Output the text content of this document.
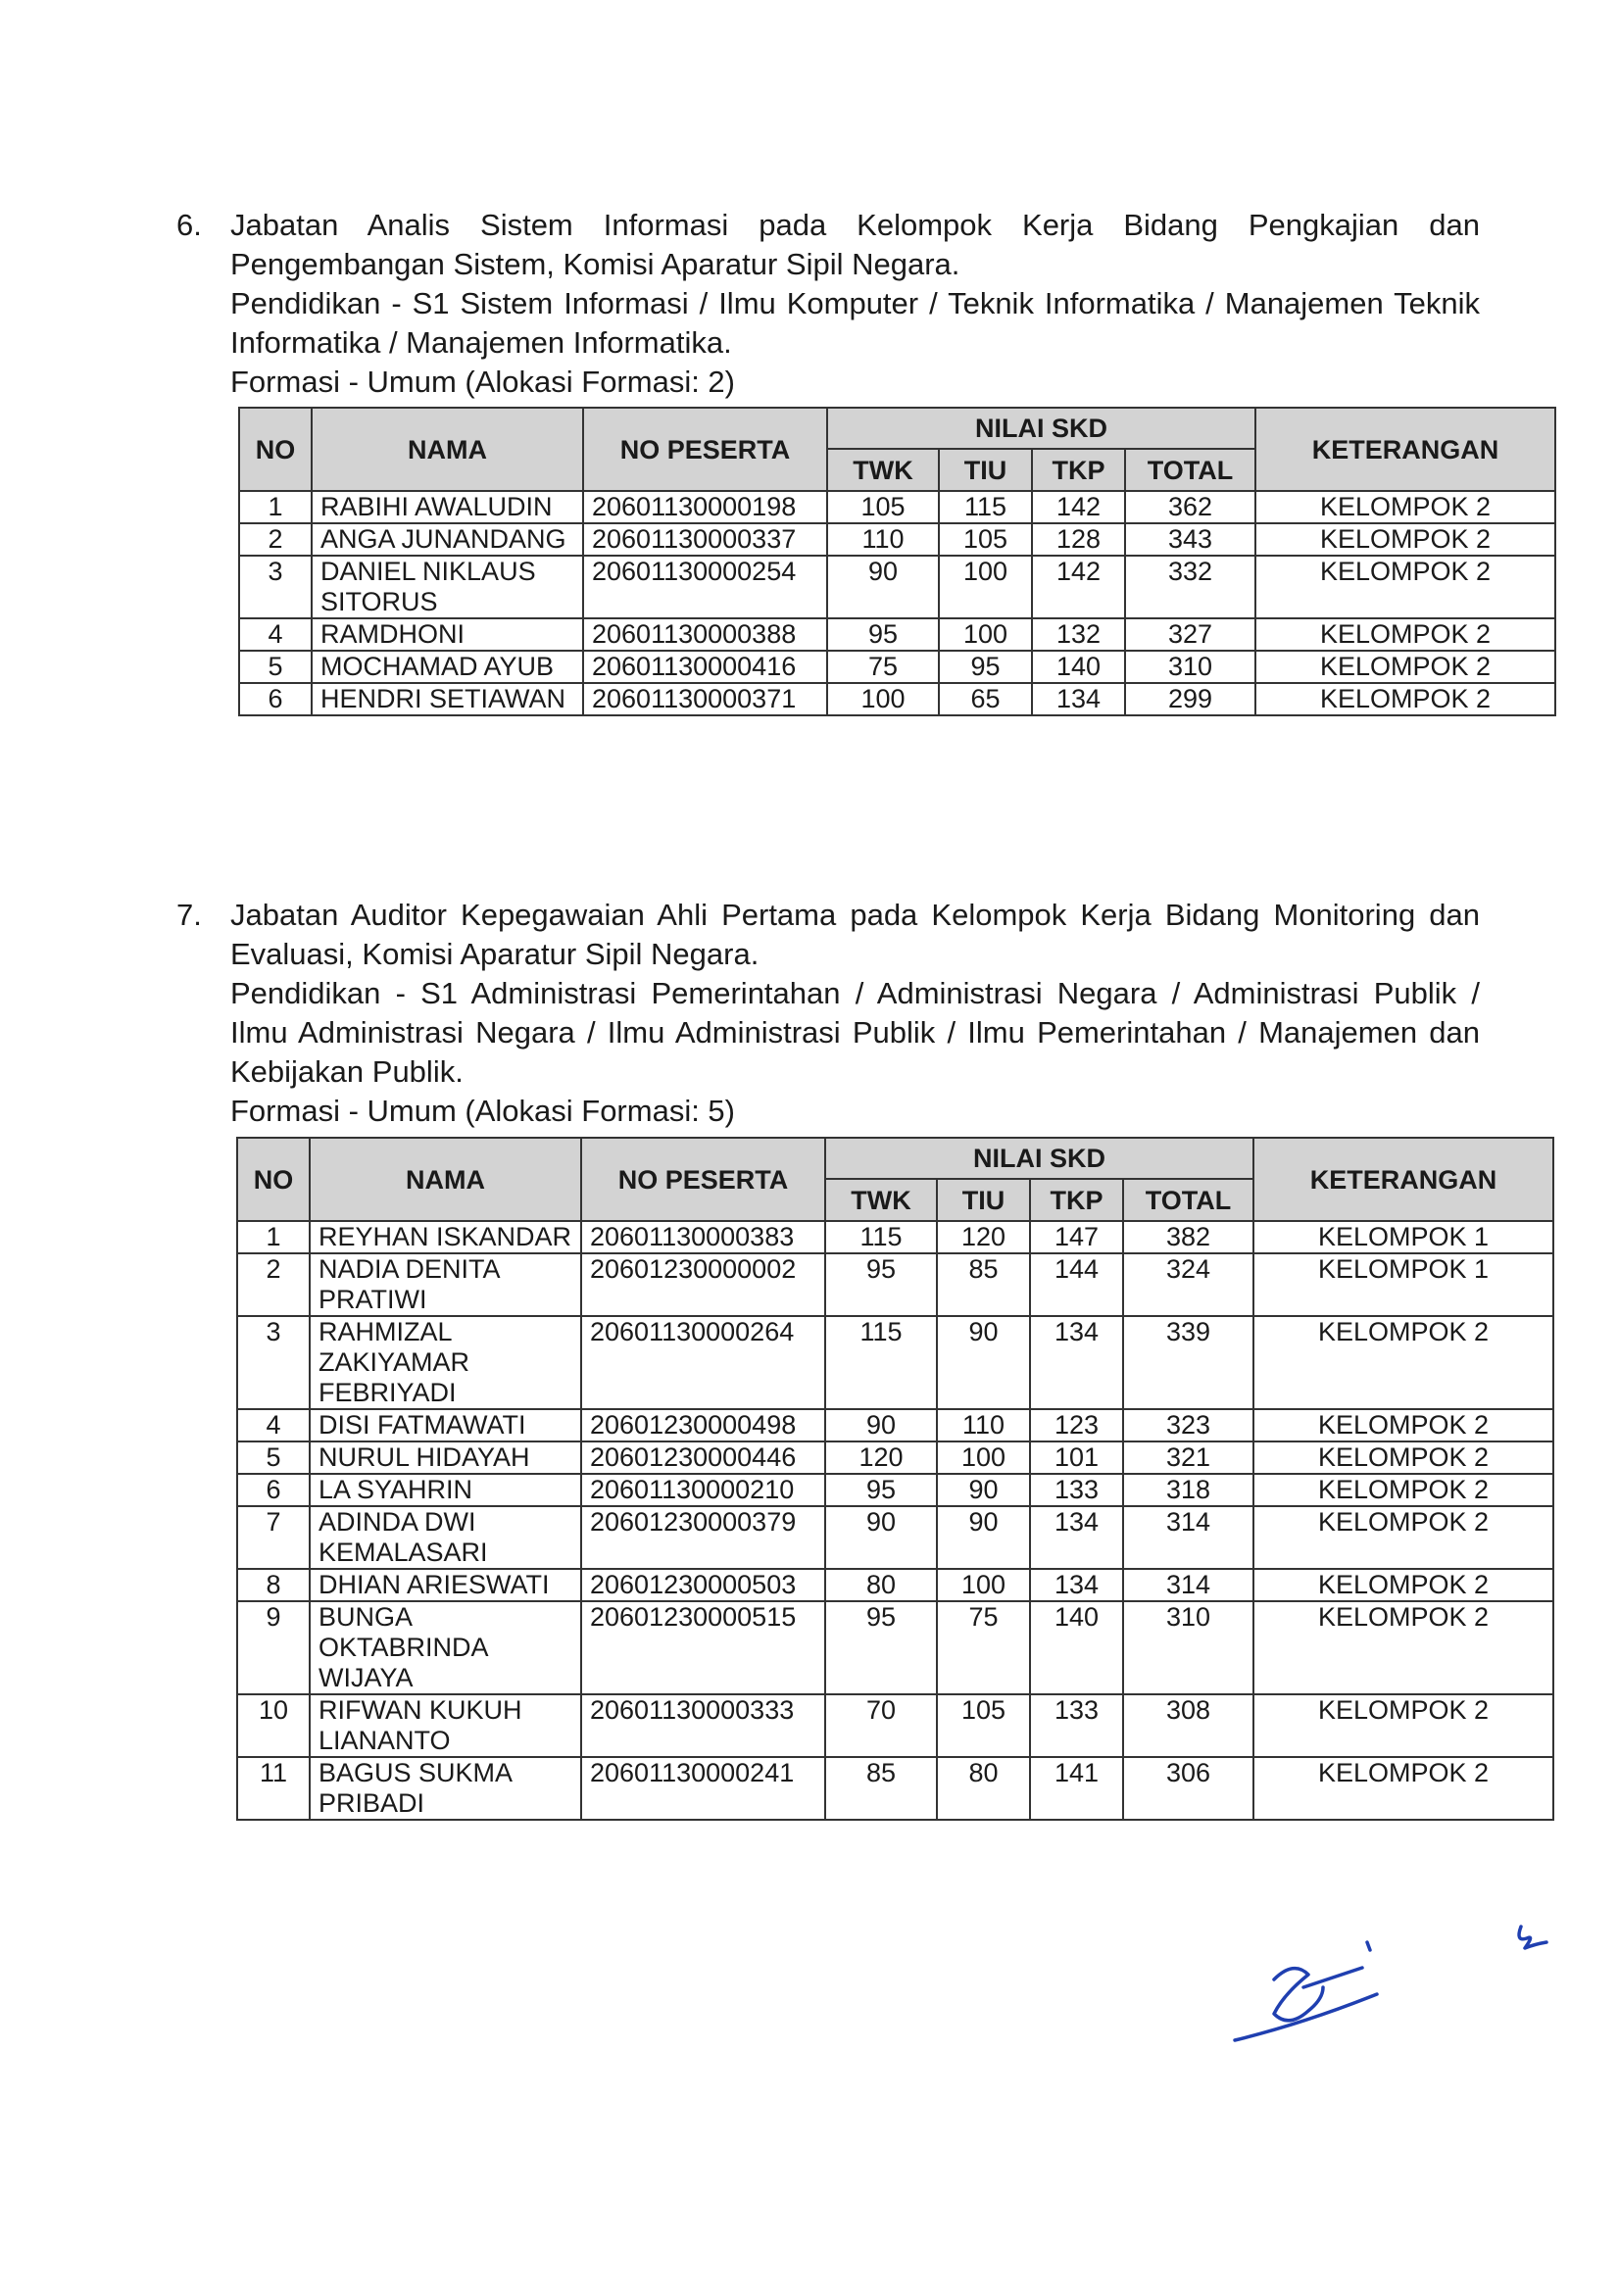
6. Jabatan Analis Sistem Informasi pada Kelompok Kerja Bidang Pengkajian dan

Pengembangan Sistem, Komisi Aparatur Sipil Negara.

Pendidikan - S1 Sistem Informasi / Ilmu Komputer / Teknik Informatika / Manajemen Teknik

Informatika / Manajemen Informatika.

Formasi - Umum (Alokasi Formasi: 2)

NO	NAMA	NO PESERTA	NILAI SKD				KETERANGAN
			TWK	TIU	TKP	TOTAL	
1	RABIHI AWALUDIN	20601130000198	105	115	142	362	KELOMPOK 2
2	ANGA JUNANDANG	20601130000337	110	105	128	343	KELOMPOK 2
3	DANIEL NIKLAUS SITORUS	20601130000254	90	100	142	332	KELOMPOK 2
4	RAMDHONI	20601130000388	95	100	132	327	KELOMPOK 2
5	MOCHAMAD AYUB	20601130000416	75	95	140	310	KELOMPOK 2
6	HENDRI SETIAWAN	20601130000371	100	65	134	299	KELOMPOK 2
7. Jabatan Auditor Kepegawaian Ahli Pertama pada Kelompok Kerja Bidang Monitoring dan

Evaluasi, Komisi Aparatur Sipil Negara.

Pendidikan - S1 Administrasi Pemerintahan / Administrasi Negara / Administrasi Publik /

Ilmu Administrasi Negara / Ilmu Administrasi Publik / Ilmu Pemerintahan / Manajemen dan

Kebijakan Publik.

Formasi - Umum (Alokasi Formasi: 5)

NO	NAMA	NO PESERTA	NILAI SKD				KETERANGAN
			TWK	TIU	TKP	TOTAL	
1	REYHAN ISKANDAR	20601130000383	115	120	147	382	KELOMPOK 1
2	NADIA DENITA PRATIWI	20601230000002	95	85	144	324	KELOMPOK 1
3	RAHMIZAL ZAKIYAMAR FEBRIYADI	20601130000264	115	90	134	339	KELOMPOK 2
4	DISI FATMAWATI	20601230000498	90	110	123	323	KELOMPOK 2
5	NURUL HIDAYAH	20601230000446	120	100	101	321	KELOMPOK 2
6	LA SYAHRIN	20601130000210	95	90	133	318	KELOMPOK 2
7	ADINDA DWI KEMALASARI	20601230000379	90	90	134	314	KELOMPOK 2
8	DHIAN ARIESWATI	20601230000503	80	100	134	314	KELOMPOK 2
9	BUNGA OKTABRINDA WIJAYA	20601230000515	95	75	140	310	KELOMPOK 2
10	RIFWAN KUKUH LIANANTO	20601130000333	70	105	133	308	KELOMPOK 2
11	BAGUS SUKMA PRIBADI	20601130000241	85	80	141	306	KELOMPOK 2
